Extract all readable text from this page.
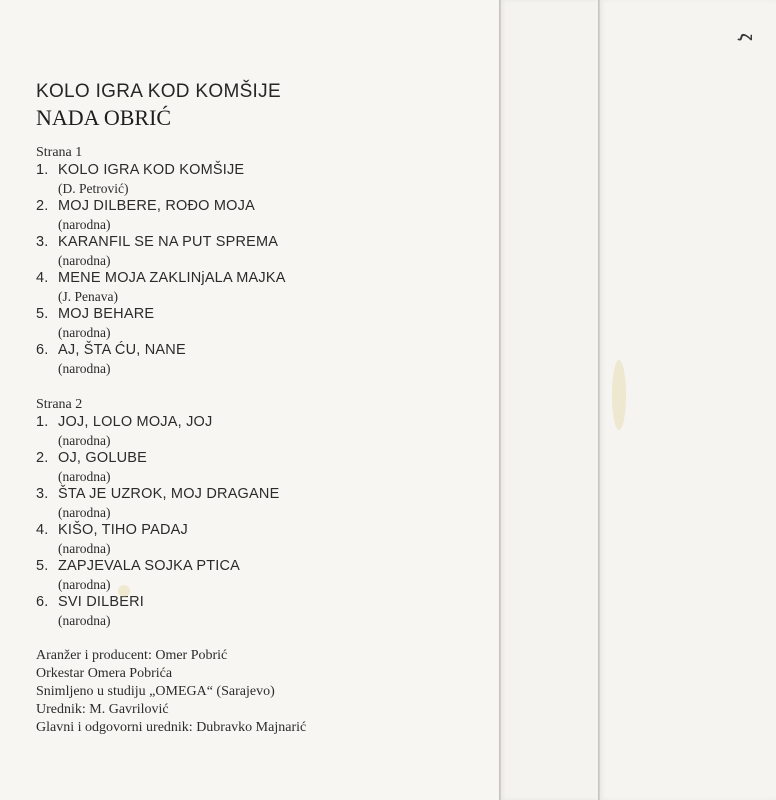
KOLO IGRA KOD KOMŠIJE

NADA OBRIĆ

Strana 1

1. KOLO IGRA KOD KOMŠIJE
(D. Petrović)
2. MOJ DILBERE, ROĐO MOJA
(narodna)
3. KARANFIL SE NA PUT SPREMA
(narodna)
4. MENE MOJA ZAKLINjALA MAJKA
(J. Penava)
5. MOJ BEHARE
(narodna)
6. AJ, ŠTA ĆU, NANE
(narodna)

Strana 2

1. JOJ, LOLO MOJA, JOJ
(narodna)
2. OJ, GOLUBE
(narodna)
3. ŠTA JE UZROK, MOJ DRAGANE
(narodna)
4. KIŠO, TIHO PADAJ
(narodna)
5. ZAPJEVALA SOJKA PTICA
(narodna)
6. SVI DILBERI
(narodna)

Aranžer i producent: Omer Pobrić

Orkestar Omera Pobrića

Snimljeno u studiju „OMEGA“ (Sarajevo)

Urednik: M. Gavrilović

Glavni i odgovorni urednik: Dubravko Majnarić

ζ
